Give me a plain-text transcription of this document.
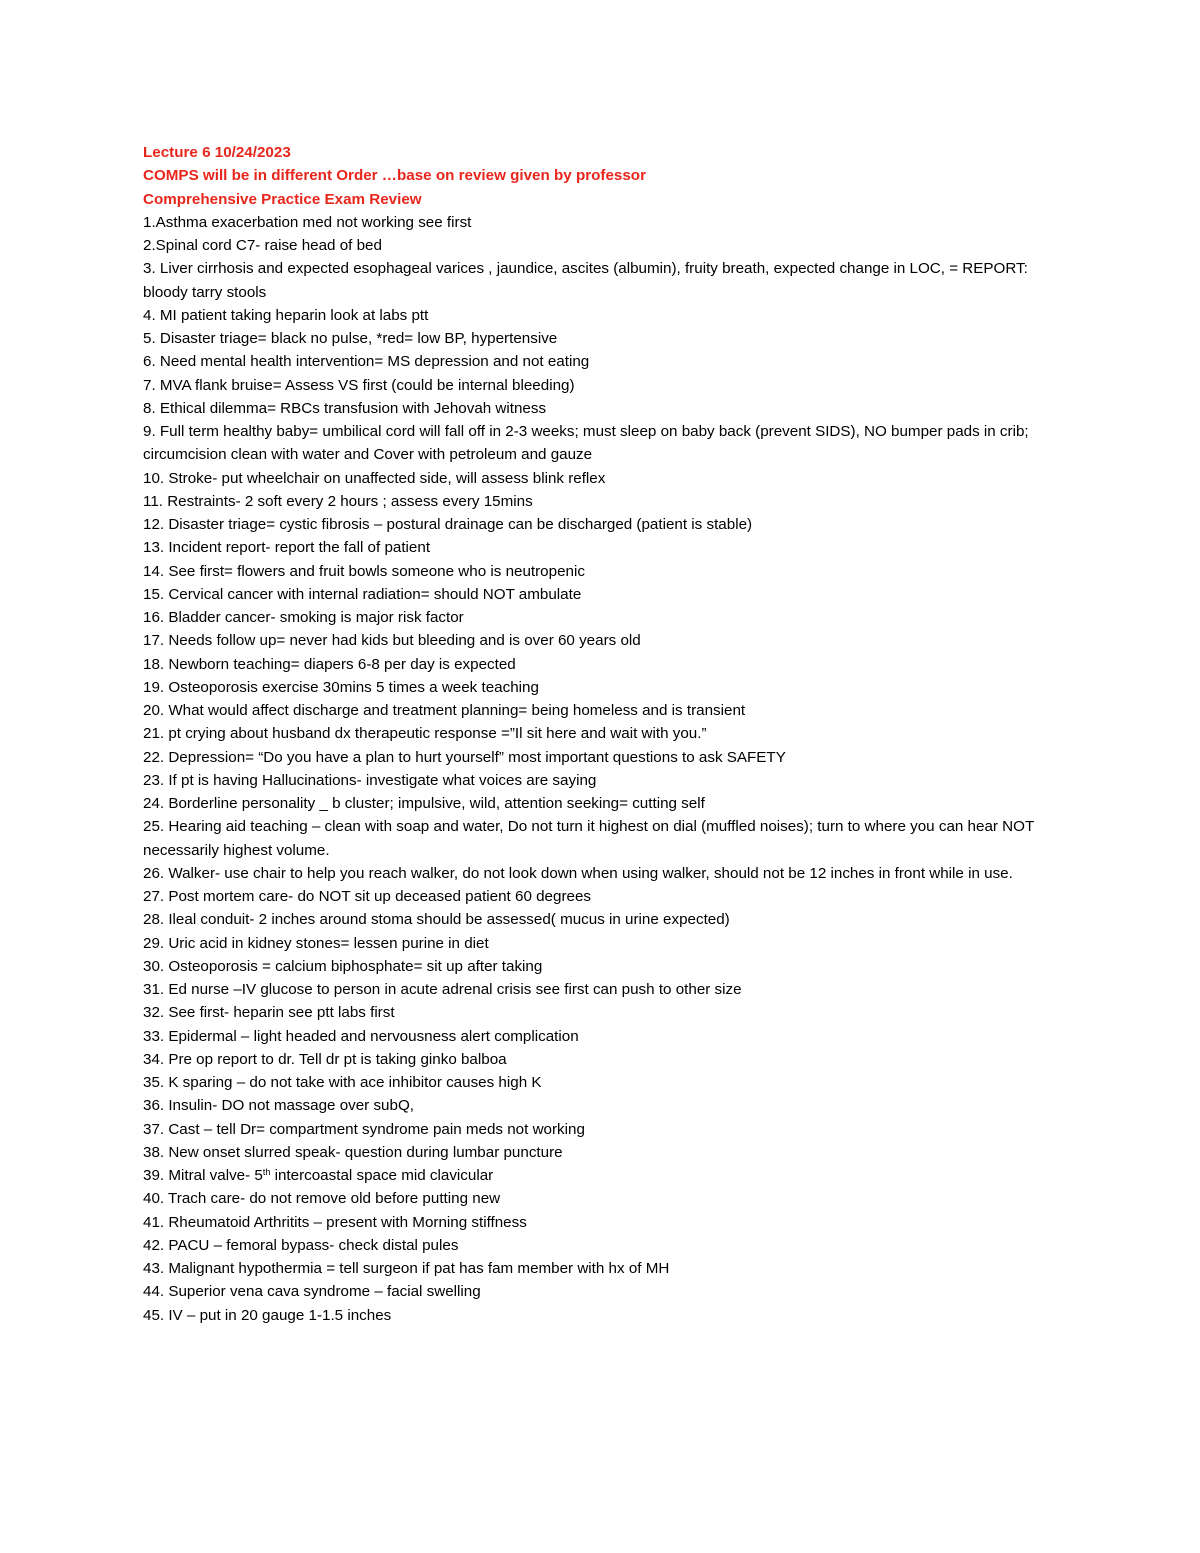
Lecture 6 10/24/2023

COMPS will be in different Order …base on review given by professor

Comprehensive Practice Exam Review

1.Asthma exacerbation med not working see first

2.Spinal cord C7- raise head of bed

3. Liver cirrhosis and expected esophageal varices , jaundice, ascites (albumin), fruity breath, expected change in LOC, = REPORT: bloody tarry stools

4. MI patient taking heparin look at labs ptt

5. Disaster triage= black no pulse, *red= low BP, hypertensive

6. Need mental health intervention= MS depression and not eating

7. MVA flank bruise= Assess VS first (could be internal bleeding)

8. Ethical dilemma= RBCs transfusion with Jehovah witness

9. Full term healthy baby= umbilical cord will fall off in 2-3 weeks; must sleep on baby back (prevent SIDS), NO bumper pads in crib; circumcision clean with water and Cover with petroleum and gauze

10. Stroke- put wheelchair on unaffected side, will assess blink reflex

11. Restraints- 2 soft every 2 hours ; assess every 15mins

12. Disaster triage= cystic fibrosis – postural drainage can be discharged (patient is stable)

13. Incident report- report the fall of patient

14. See first= flowers and fruit bowls someone who is neutropenic

15. Cervical cancer with internal radiation= should NOT ambulate

16. Bladder cancer- smoking is major risk factor

17. Needs follow up= never had kids but bleeding and is over 60 years old

18. Newborn teaching= diapers 6-8 per day is expected

19. Osteoporosis exercise 30mins 5 times a week teaching

20. What would affect discharge and treatment planning= being homeless and is transient

21. pt crying about husband dx therapeutic response =”Il sit here and wait with you.”

22. Depression= “Do you have a plan to hurt yourself” most important questions to ask SAFETY

23. If pt is having Hallucinations- investigate what voices are saying

24. Borderline personality _ b cluster; impulsive, wild, attention seeking= cutting self

25. Hearing aid teaching – clean with soap and water, Do not turn it highest on dial (muffled noises); turn to where you can hear NOT necessarily highest volume.

26. Walker- use chair to help you reach walker, do not look down when using walker, should not be 12 inches in front while in use.

27. Post mortem care- do NOT sit up deceased patient 60 degrees

28. Ileal conduit- 2 inches around stoma should be assessed( mucus in urine expected)

29. Uric acid in kidney stones= lessen purine in diet

30. Osteoporosis = calcium biphosphate= sit up after taking

31. Ed nurse –IV glucose to person in acute adrenal crisis see first can push to other size

32. See first- heparin see ptt labs first

33. Epidermal – light headed and nervousness alert complication

34. Pre op report to dr. Tell dr pt is taking ginko balboa

35. K sparing – do not take with ace inhibitor causes high K

36. Insulin- DO not massage over subQ,

37. Cast – tell Dr= compartment syndrome pain meds not working

38. New onset slurred speak- question during lumbar puncture

39. Mitral valve- 5th intercoastal space mid clavicular

40. Trach care- do not remove old before putting new

41. Rheumatoid Arthritits – present with Morning stiffness

42. PACU – femoral bypass- check distal pules

43. Malignant hypothermia = tell surgeon if pat has fam member with hx of MH

44. Superior vena cava syndrome – facial swelling

45. IV – put in 20 gauge 1-1.5 inches
